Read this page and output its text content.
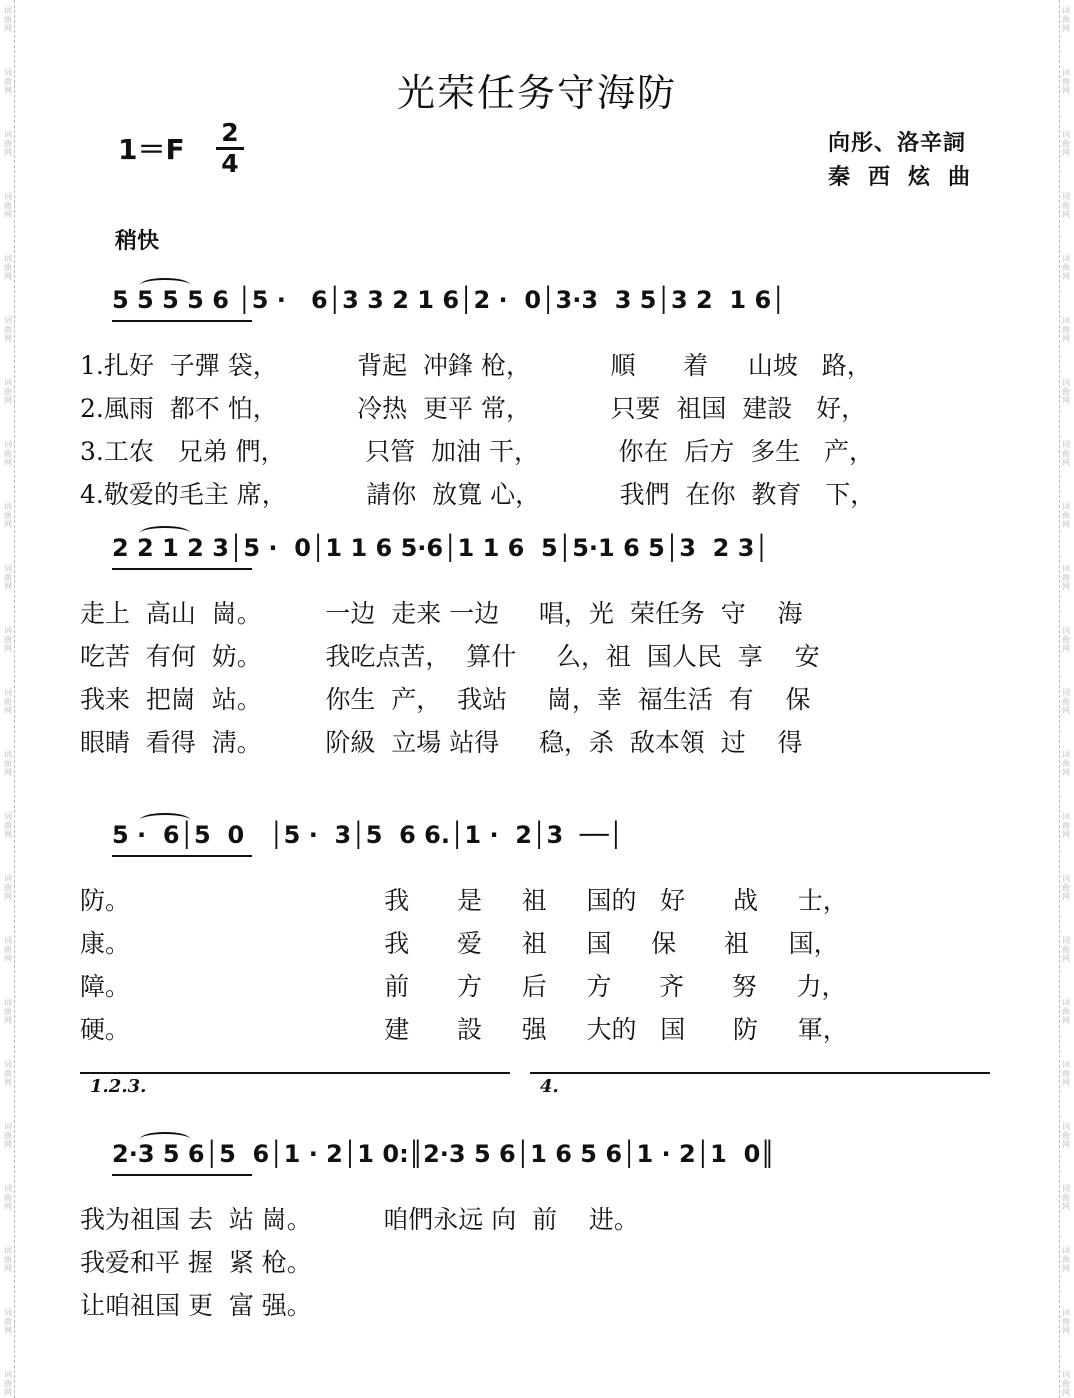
光荣任务守海防
1＝F
2
4
向彤、洛辛詞
秦西炫曲
稍快
5 5 5 5 6 │5 ·   6│3 3 2 1 6│2 ·  0│3·3  3 5│3 2  1 6│
1.扎好  子彈 袋，          背起  冲鋒 枪，          順      着     山坡   路，
2.風雨  都不 怕，          冷热  更平 常，          只要  祖国  建設   好，
3.工农   兄弟 們，          只管  加油 干，          你在  后方  多生   产，
4.敬爱的毛主 席，          請你  放寬 心，          我們  在你  教育   下，
2 2 1 2 3│5 ·  0│1 1 6 5·6│1 1 6  5│5·1 6 5│3  2 3│
走上  高山  崗。        一边  走来 一边     唱，光  荣任务  守    海
吃苦  有何  妨。        我吃点苦，  算什     么，祖  国人民  享    安
我来  把崗  站。        你生  产，  我站     崗，幸  福生活  有    保
眼睛  看得  淸。        阶級  立場 站得     稳，杀  敌本領  过    得
5 ·  6│5  0   │5 ·  3│5  6 6.│1 ·  2│3  ──│
防。                                我      是     祖     国的   好      战     士，
康。                                我      爱     祖     国     保      祖     国，
障。                                前      方     后     方      齐      努     力，
硬。                                建      設     强     大的   国      防     軍，
1.2.3.	4.
2·3 5 6│5  6│1 · 2│1 0:║2·3 5 6│1 6 5 6│1 · 2│1  0║
我为祖国 去  站 崗。         咱們永远 向  前    进。
我爱和平 握  紧 枪。
让咱祖国 更  富 强。
词
曲
网
词
曲
网
词
曲
网
词
曲
网
词
曲
网
词
曲
网
词
曲
网
词
曲
网
词
曲
网
词
曲
网
词
曲
网
词
曲
网
词
曲
网
词
曲
网
词
曲
网
词
曲
网
词
曲
网
词
曲
网
词
曲
网
词
曲
网
词
曲
网
词
曲
网
词
曲
网
词
曲
网
词
曲
网
词
曲
网
词
曲
网
词
曲
网
词
曲
网
词
曲
网
词
曲
网
词
曲
网
词
曲
网
词
曲
网
词
曲
网
词
曲
网
词
曲
网
词
曲
网
词
曲
网
词
曲
网
词
曲
网
词
曲
网
词
曲
网
词
曲
网
词
曲
网
词
曲
网
